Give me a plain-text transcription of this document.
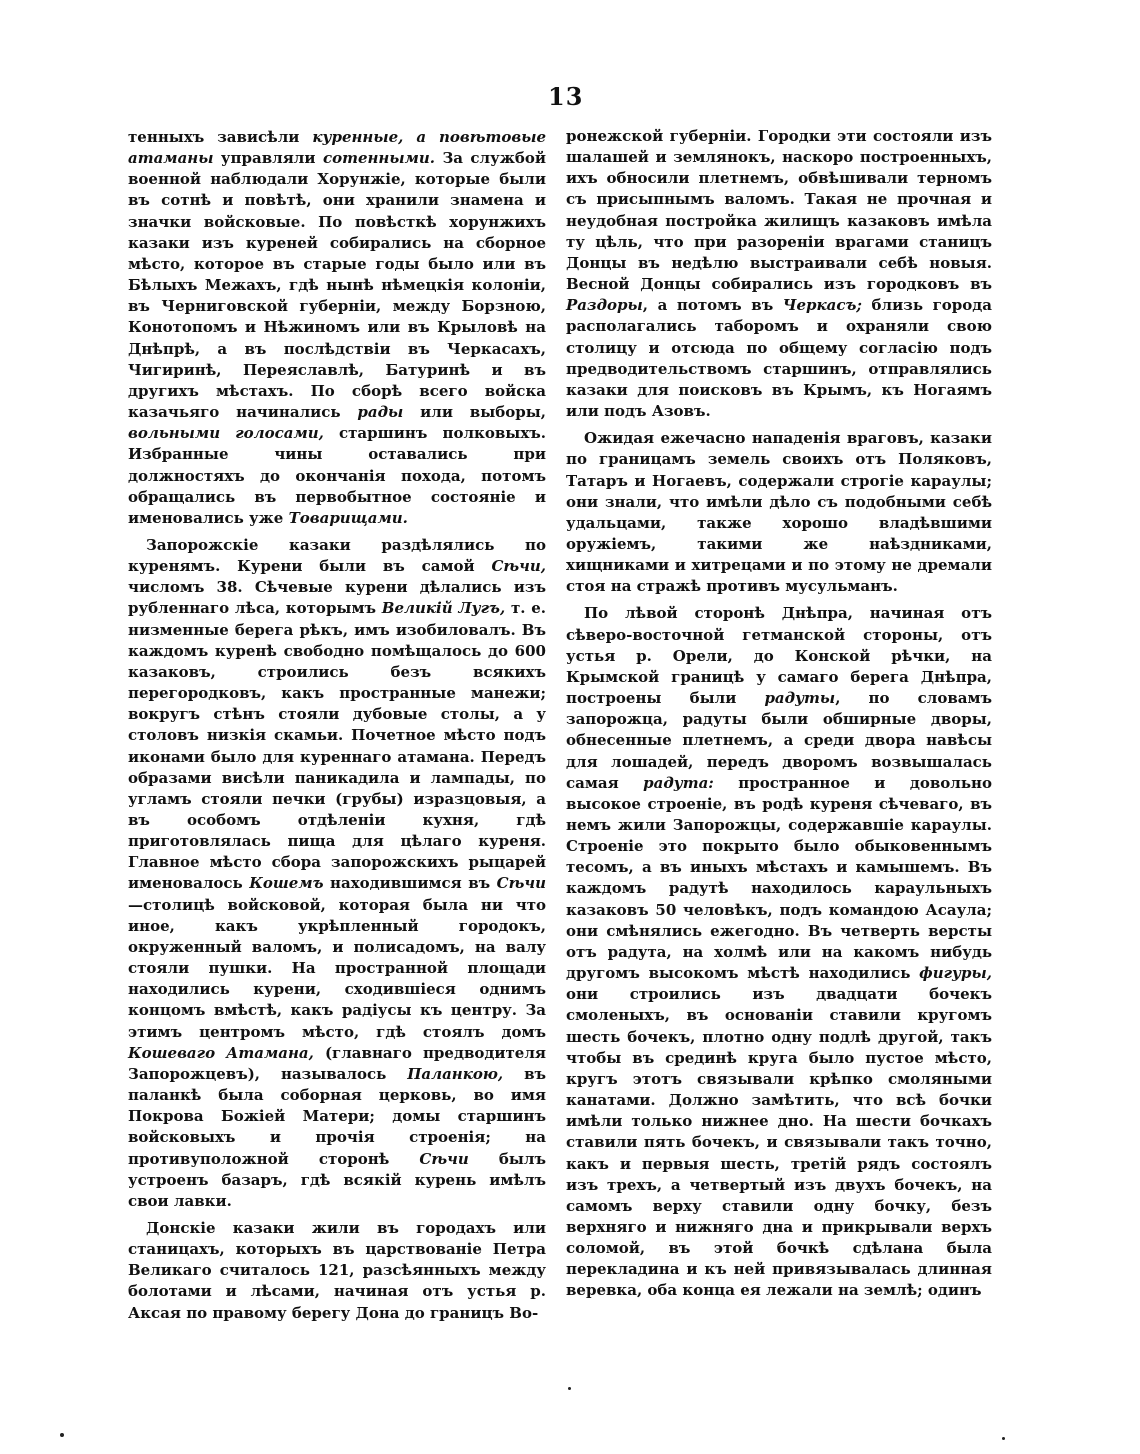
13

тенныхъ зависѣли куренные, а повѣтовые атаманы управляли сотенными. За службой военной наблюдали Хорунжіе, которые были въ сотнѣ и повѣтѣ, они хранили знамена и значки войсковые. По повѣсткѣ хорунжихъ казаки изъ куреней собирались на сборное мѣсто, которое въ старые годы было или въ Бѣлыхъ Межахъ, гдѣ нынѣ нѣмецкія колоніи, въ Черниговской губерніи, между Борзною, Конотопомъ и Нѣжиномъ или въ Крыловѣ на Днѣпрѣ, а въ послѣдствіи въ Черкасахъ, Чигиринѣ, Переяславлѣ, Батуринѣ и въ другихъ мѣстахъ. По сборѣ всего войска казачьяго начинались рады или выборы, вольными голосами, старшинъ полковыхъ. Избранные чины оставались при должностяхъ до окончанія похода, потомъ обращались въ первобытное состояніе и именовались уже Товарищами.

Запорожскіе казаки раздѣлялись по куренямъ. Курени были въ самой Сѣчи, числомъ 38. Сѣчевые курени дѣлались изъ рубленнаго лѣса, которымъ Великій Лугъ, т. е. низменные берега рѣкъ, имъ изобиловалъ. Въ каждомъ куренѣ свободно помѣщалось до 600 казаковъ, строились безъ всякихъ перегородковъ, какъ пространные манежи; вокругъ стѣнъ стояли дубовые столы, а у столовъ низкія скамьи. Почетное мѣсто подъ иконами было для куреннаго атамана. Передъ образами висѣли паникадила и лампады, по угламъ стояли печки (грубы) изразцовыя, а въ особомъ отдѣленіи кухня, гдѣ приготовлялась пища для цѣлаго куреня. Главное мѣсто сбора запорожскихъ рыцарей именовалось Кошемъ находившимся въ Сѣчи—столицѣ войсковой, которая была ни что иное, какъ укрѣпленный городокъ, окруженный валомъ, и полисадомъ, на валу стояли пушки. На пространной площади находились курени, сходившіеся однимъ концомъ вмѣстѣ, какъ радіусы къ центру. За этимъ центромъ мѣсто, гдѣ стоялъ домъ Кошеваго Атамана, (главнаго предводителя Запорожцевъ), называлось Паланкою, въ паланкѣ была соборная церковь, во имя Покрова Божіей Матери; домы старшинъ войсковыхъ и прочія строенія; на противуположной сторонѣ Сѣчи былъ устроенъ базаръ, гдѣ всякій курень имѣлъ свои лавки.

Донскіе казаки жили въ городахъ или станицахъ, которыхъ въ царствованіе Петра Великаго считалось 121, разсѣянныхъ между болотами и лѣсами, начиная отъ устья р. Аксая по правому берегу Дона до границъ Во-

ронежской губерніи. Городки эти состояли изъ шалашей и землянокъ, наскоро построенныхъ, ихъ обносили плетнемъ, обвѣшивали терномъ съ присыпнымъ валомъ. Такая не прочная и неудобная постройка жилищъ казаковъ имѣла ту цѣль, что при разореніи врагами станицъ Донцы въ недѣлю выстраивали себѣ новыя. Весной Донцы собирались изъ городковъ въ Раздоры, а потомъ въ Черкасъ; близь города располагались таборомъ и охраняли свою столицу и отсюда по общему согласію подъ предводительствомъ старшинъ, отправлялись казаки для поисковъ въ Крымъ, къ Ногаямъ или подъ Азовъ.

Ожидая ежечасно нападенія враговъ, казаки по границамъ земель своихъ отъ Поляковъ, Татаръ и Ногаевъ, содержали строгіе караулы; они знали, что имѣли дѣло съ подобными себѣ удальцами, также хорошо владѣвшими оружіемъ, такими же наѣздниками, хищниками и хитрецами и по этому не дремали стоя на стражѣ противъ мусульманъ.

По лѣвой сторонѣ Днѣпра, начиная отъ сѣверо-восточной гетманской стороны, отъ устья р. Орели, до Конской рѣчки, на Крымской границѣ у самаго берега Днѣпра, построены были радуты, по словамъ запорожца, радуты были обширные дворы, обнесенные плетнемъ, а среди двора навѣсы для лошадей, передъ дворомъ возвышалась самая радута: пространное и довольно высокое строеніе, въ родѣ куреня сѣчеваго, въ немъ жили Запорожцы, содержавшіе караулы. Строеніе это покрыто было обыковеннымъ тесомъ, а въ иныхъ мѣстахъ и камышемъ. Въ каждомъ радутѣ находилось караульныхъ казаковъ 50 человѣкъ, подъ командою Асаула; они смѣнялись ежегодно. Въ четверть версты отъ радута, на холмѣ или на какомъ нибудь другомъ высокомъ мѣстѣ находились фигуры, они строились изъ двадцати бочекъ смоленыхъ, въ основаніи ставили кругомъ шесть бочекъ, плотно одну подлѣ другой, такъ чтобы въ срединѣ круга было пустое мѣсто, кругъ этотъ связывали крѣпко смоляными канатами. Должно замѣтить, что всѣ бочки имѣли только нижнее дно. На шести бочкахъ ставили пять бочекъ, и связывали такъ точно, какъ и первыя шесть, третій рядъ состоялъ изъ трехъ, а четвертый изъ двухъ бочекъ, на самомъ верху ставили одну бочку, безъ верхняго и нижняго дна и прикрывали верхъ соломой, въ этой бочкѣ сдѣлана была перекладина и къ ней привязывалась длинная веревка, оба конца ея лежали на землѣ; одинъ
